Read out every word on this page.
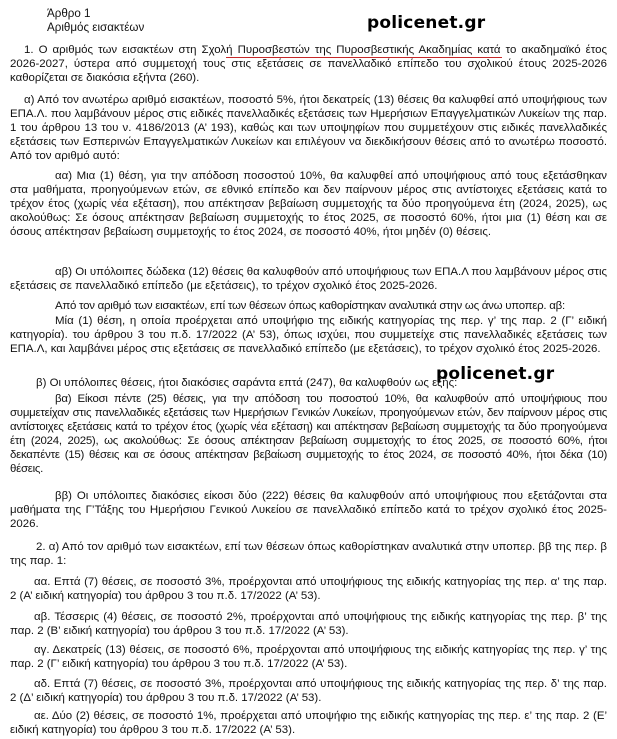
Άρθρο 1
Αριθμός εισακτέων	policenet.gr
policenet.gr
1. Ο αριθμός των εισακτέων στη Σχολή Πυροσβεστών της Πυροσβεστικής Ακαδημίας κατά το ακαδημαϊκό έτος 2026-2027, ύστερα από συμμετοχή τους στις εξετάσεις σε πανελλαδικό επίπεδο του σχολικού έτους 2025-2026 καθορίζεται σε διακόσια εξήντα (260).
α) Από τον ανωτέρω αριθμό εισακτέων, ποσοστό 5%, ήτοι δεκατρείς (13) θέσεις θα καλυφθεί από υποψήφιους των ΕΠΑ.Λ. που λαμβάνουν μέρος στις ειδικές πανελλαδικές εξετάσεις των Ημερήσιων Επαγγελματικών Λυκείων της παρ. 1 του άρθρου 13 του ν. 4186/2013 (Α’ 193), καθώς και των υποψηφίων που συμμετέχουν στις ειδικές πανελλαδικές εξετάσεις των Εσπερινών Επαγγελματικών Λυκείων και επιλέγουν να διεκδικήσουν θέσεις από το ανωτέρω ποσοστό. Από τον αριθμό αυτό:
αα) Μια (1) θέση, για την απόδοση ποσοστού 10%, θα καλυφθεί από υποψήφιους από τους εξετάσθηκαν στα μαθήματα, προηγούμενων ετών, σε εθνικό επίπεδο και δεν παίρνουν μέρος στις αντίστοιχες εξετάσεις κατά το τρέχον έτος (χωρίς νέα εξέταση), που απέκτησαν βεβαίωση συμμετοχής τα δύο προηγούμενα έτη (2024, 2025), ως ακολούθως: Σε όσους απέκτησαν βεβαίωση συμμετοχής το έτος 2025, σε ποσοστό 60%, ήτοι μια (1) θέση και σε όσους απέκτησαν βεβαίωση συμμετοχής το έτος 2024, σε ποσοστό 40%, ήτοι μηδέν (0) θέσεις.
αβ) Οι υπόλοιπες δώδεκα (12) θέσεις θα καλυφθούν από υποψήφιους των ΕΠΑ.Λ που λαμβάνουν μέρος στις εξετάσεις σε πανελλαδικό επίπεδο (με εξετάσεις), το τρέχον σχολικό έτος 2025-2026.
Από τον αριθμό των εισακτέων, επί των θέσεων όπως καθορίστηκαν αναλυτικά στην ως άνω υποπερ. αβ:
Μία (1) θέση, η οποία προέρχεται από υποψήφιο της ειδικής κατηγορίας της περ. γ’ της παρ. 2 (Γ’ ειδική κατηγορία). του άρθρου 3 του π.δ. 17/2022 (Α’ 53), όπως ισχύει, που συμμετείχε στις πανελλαδικές εξετάσεις των ΕΠΑ.Λ, και λαμβάνει μέρος στις εξετάσεις σε πανελλαδικό επίπεδο (με εξετάσεις), το τρέχον σχολικό έτος 2025-2026.
β) Οι υπόλοιπες θέσεις, ήτοι διακόσιες σαράντα επτά (247), θα καλυφθούν ως εξής:
βα) Είκοσι πέντε (25) θέσεις, για την απόδοση του ποσοστού 10%, θα καλυφθούν από υποψήφιους που συμμετείχαν στις πανελλαδικές εξετάσεις των Ημερήσιων Γενικών Λυκείων, προηγούμενων ετών, δεν παίρνουν μέρος στις αντίστοιχες εξετάσεις κατά το τρέχον έτος (χωρίς νέα εξέταση) και απέκτησαν βεβαίωση συμμετοχής τα δύο προηγούμενα έτη (2024, 2025), ως ακολούθως: Σε όσους απέκτησαν βεβαίωση συμμετοχής το έτος 2025, σε ποσοστό 60%, ήτοι δεκαπέντε (15) θέσεις και σε όσους απέκτησαν βεβαίωση συμμετοχής το έτος 2024, σε ποσοστό 40%, ήτοι δέκα (10) θέσεις.
ββ) Οι υπόλοιπες διακόσιες είκοσι δύο (222) θέσεις θα καλυφθούν από υποψήφιους που εξετάζονται στα μαθήματα της Γ’Τάξης του Ημερήσιου Γενικού Λυκείου σε πανελλαδικό επίπεδο κατά το τρέχον σχολικό έτος 2025-2026.
2. α) Από τον αριθμό των εισακτέων, επί των θέσεων όπως καθορίστηκαν αναλυτικά στην υποπερ. ββ της περ. β της παρ. 1:
αα. Επτά (7) θέσεις, σε ποσοστό 3%, προέρχονται από υποψήφιους της ειδικής κατηγορίας της περ. α’ της παρ. 2 (Α’ ειδική κατηγορία) του άρθρου 3 του π.δ. 17/2022 (Α’ 53).
αβ. Τέσσερις (4) θέσεις, σε ποσοστό 2%, προέρχονται από υποψήφιους της ειδικής κατηγορίας της περ. β’ της παρ. 2 (Β’ ειδική κατηγορία) του άρθρου 3 του π.δ. 17/2022 (Α’ 53).
αγ. Δεκατρείς (13) θέσεις, σε ποσοστό 6%, προέρχονται από υποψήφιους της ειδικής κατηγορίας της περ. γ’ της παρ. 2 (Γ’ ειδική κατηγορία) του άρθρου 3 του π.δ. 17/2022 (Α’ 53).
αδ. Επτά (7) θέσεις, σε ποσοστό 3%, προέρχονται από υποψήφιους της ειδικής κατηγορίας της περ. δ’ της παρ. 2 (Δ’ ειδική κατηγορία) του άρθρου 3 του π.δ. 17/2022 (Α’ 53).
αε. Δύο (2) θέσεις, σε ποσοστό 1%, προέρχεται από υποψήφιο της ειδικής κατηγορίας της περ. ε’ της παρ. 2 (Ε’ ειδική κατηγορία) του άρθρου 3 του π.δ. 17/2022 (Α’ 53).
